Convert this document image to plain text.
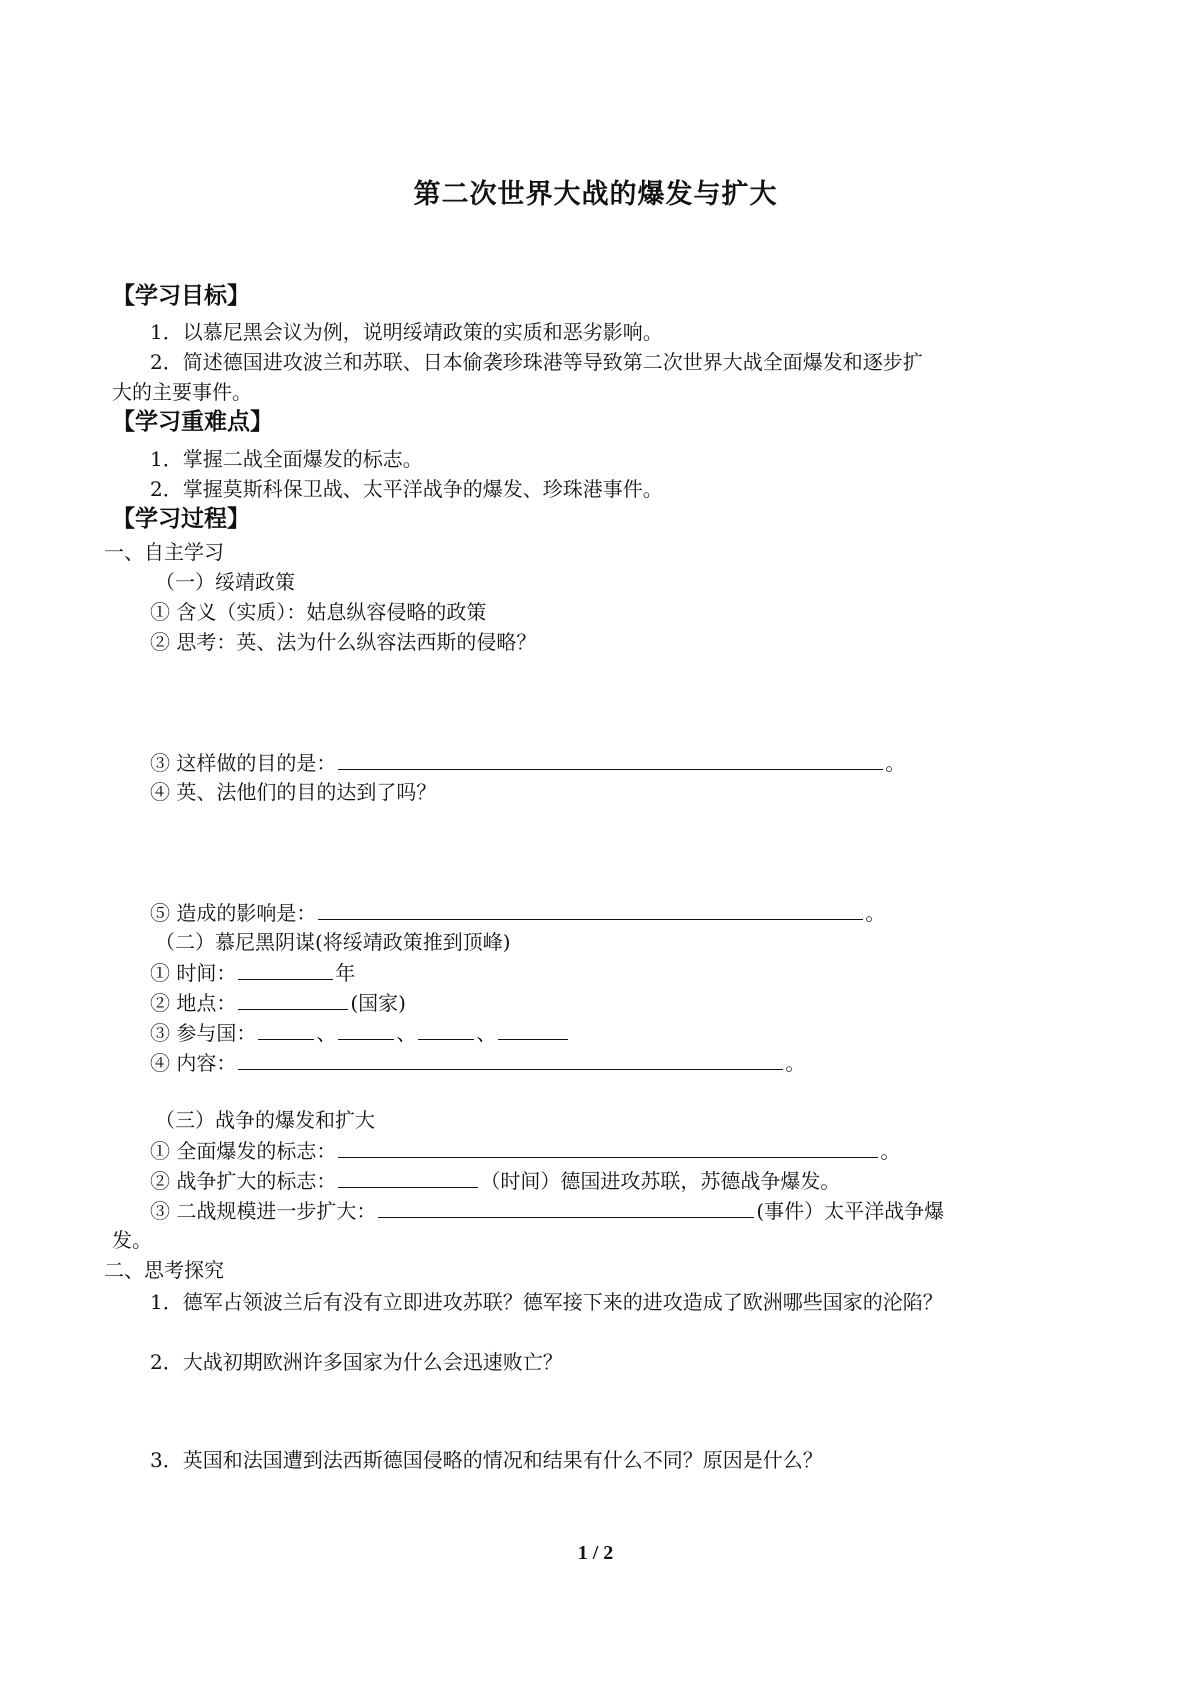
第二次世界大战的爆发与扩大
【学习目标】
1．以慕尼黑会议为例，说明绥靖政策的实质和恶劣影响。
2．简述德国进攻波兰和苏联、日本偷袭珍珠港等导致第二次世界大战全面爆发和逐步扩
大的主要事件。
【学习重难点】
1．掌握二战全面爆发的标志。
2．掌握莫斯科保卫战、太平洋战争的爆发、珍珠港事件。
【学习过程】
一、自主学习
（一）绥靖政策
① 含义（实质）：姑息纵容侵略的政策
② 思考：英、法为什么纵容法西斯的侵略？
③ 这样做的目的是：	。
④ 英、法他们的目的达到了吗？
⑤ 造成的影响是：	。
（二）慕尼黑阴谋(将绥靖政策推到顶峰)
① 时间：	年
② 地点：	(国家)
③ 参与国：	、	、	、
④ 内容：	。
（三）战争的爆发和扩大
① 全面爆发的标志：	。
② 战争扩大的标志：	（时间）德国进攻苏联，苏德战争爆发。
③ 二战规模进一步扩大：	(事件）太平洋战争爆
发。
二、思考探究
1．德军占领波兰后有没有立即进攻苏联？德军接下来的进攻造成了欧洲哪些国家的沦陷？
2．大战初期欧洲许多国家为什么会迅速败亡？
3．英国和法国遭到法西斯德国侵略的情况和结果有什么不同？原因是什么？
1 / 2
